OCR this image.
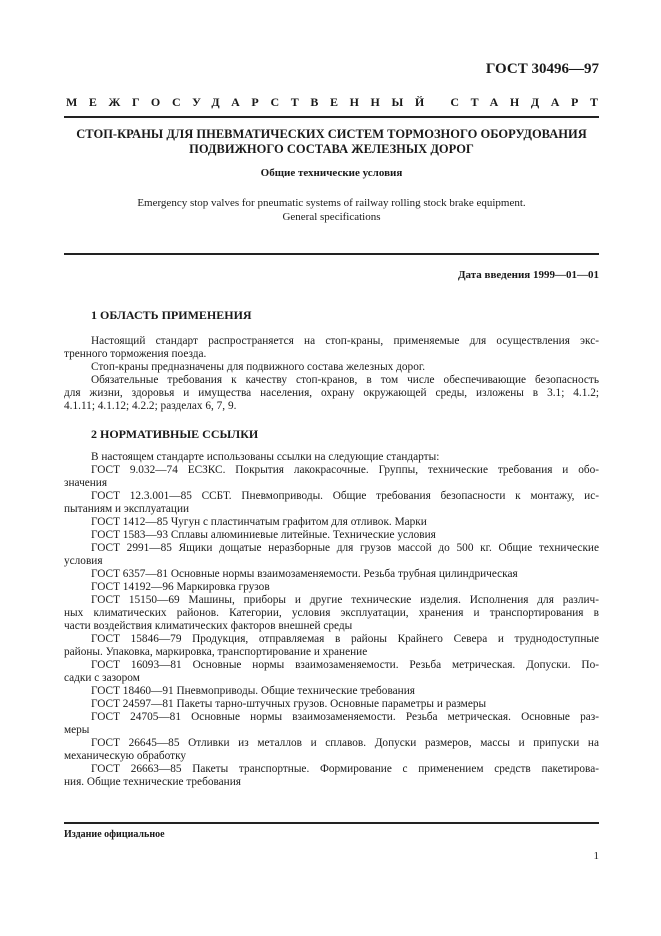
ГОСТ 30496—97
МЕЖГОСУДАРСТВЕННЫЙ СТАНДАРТ
СТОП-КРАНЫ ДЛЯ ПНЕВМАТИЧЕСКИХ СИСТЕМ ТОРМОЗНОГО ОБОРУДОВАНИЯ
ПОДВИЖНОГО СОСТАВА ЖЕЛЕЗНЫХ ДОРОГ
Общие технические условия
Emergency stop valves for pneumatic systems of railway rolling stock brake equipment.
General specifications
Дата введения 1999—01—01
1 ОБЛАСТЬ ПРИМЕНЕНИЯ
Настоящий стандарт распространяется на стоп-краны, применяемые для осуществления экс-
тренного торможения поезда.
Стоп-краны предназначены для подвижного состава железных дорог.
Обязательные требования к качеству стоп-кранов, в том числе обеспечивающие безопасность
для жизни, здоровья и имущества населения, охрану окружающей среды, изложены в 3.1; 4.1.2;
4.1.11; 4.1.12; 4.2.2; разделах 6, 7, 9.
2 НОРМАТИВНЫЕ ССЫЛКИ
В настоящем стандарте использованы ссылки на следующие стандарты:
ГОСТ 9.032—74 ЕСЗКС. Покрытия лакокрасочные. Группы, технические требования и обо-
значения
ГОСТ 12.3.001—85 ССБТ. Пневмоприводы. Общие требования безопасности к монтажу, ис-
пытаниям и эксплуатации
ГОСТ 1412—85 Чугун с пластинчатым графитом для отливок. Марки
ГОСТ 1583—93 Сплавы алюминиевые литейные. Технические условия
ГОСТ 2991—85 Ящики дощатые неразборные для грузов массой до 500 кг. Общие технические
условия
ГОСТ 6357—81 Основные нормы взаимозаменяемости. Резьба трубная цилиндрическая
ГОСТ 14192—96 Маркировка грузов
ГОСТ 15150—69 Машины, приборы и другие технические изделия. Исполнения для различ-
ных климатических районов. Категории, условия эксплуатации, хранения и транспортирования в
части воздействия климатических факторов внешней среды
ГОСТ 15846—79 Продукция, отправляемая в районы Крайнего Севера и труднодоступные
районы. Упаковка, маркировка, транспортирование и хранение
ГОСТ 16093—81 Основные нормы взаимозаменяемости. Резьба метрическая. Допуски. По-
садки с зазором
ГОСТ 18460—91 Пневмоприводы. Общие технические требования
ГОСТ 24597—81 Пакеты тарно-штучных грузов. Основные параметры и размеры
ГОСТ 24705—81 Основные нормы взаимозаменяемости. Резьба метрическая. Основные раз-
меры
ГОСТ 26645—85 Отливки из металлов и сплавов. Допуски размеров, массы и припуски на
механическую обработку
ГОСТ 26663—85 Пакеты транспортные. Формирование с применением средств пакетирова-
ния. Общие технические требования
Издание официальное
1
